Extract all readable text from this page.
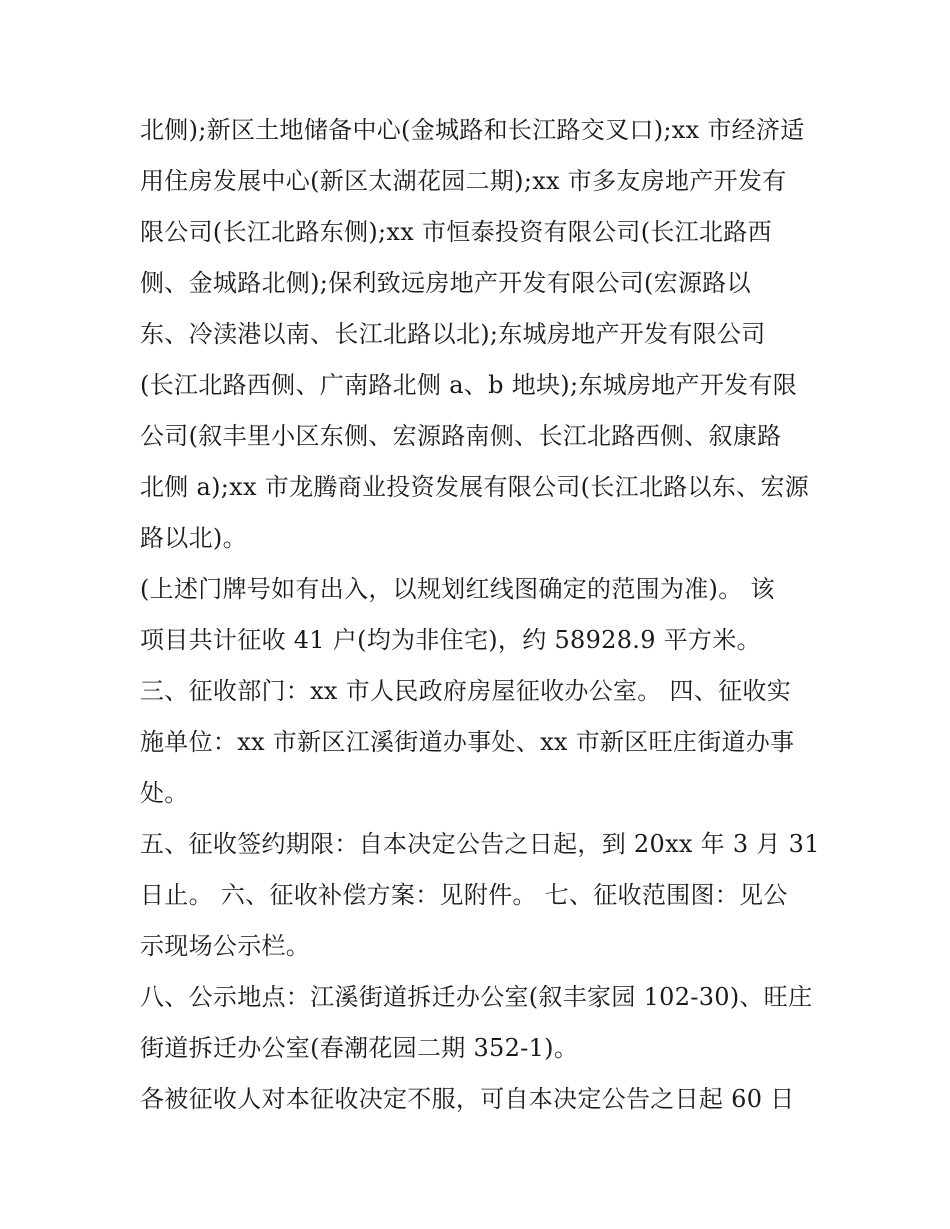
北侧);新区土地储备中心(金城路和长江路交叉口);xx 市经济适
用住房发展中心(新区太湖花园二期);xx 市多友房地产开发有
限公司(长江北路东侧);xx 市恒泰投资有限公司(长江北路西
侧、金城路北侧);保利致远房地产开发有限公司(宏源路以
东、冷渎港以南、长江北路以北);东城房地产开发有限公司
(长江北路西侧、广南路北侧 a、b 地块);东城房地产开发有限
公司(叙丰里小区东侧、宏源路南侧、长江北路西侧、叙康路
北侧 a);xx 市龙腾商业投资发展有限公司(长江北路以东、宏源
路以北)。
(上述门牌号如有出入，以规划红线图确定的范围为准)。 该
项目共计征收 41 户(均为非住宅)，约 58928.9 平方米。
三、征收部门：xx 市人民政府房屋征收办公室。 四、征收实
施单位：xx 市新区江溪街道办事处、xx 市新区旺庄街道办事
处。
五、征收签约期限：自本决定公告之日起，到 20xx 年 3 月 31
日止。 六、征收补偿方案：见附件。 七、征收范围图：见公
示现场公示栏。
八、公示地点：江溪街道拆迁办公室(叙丰家园 102-30)、旺庄
街道拆迁办公室(春潮花园二期 352-1)。
各被征收人对本征收决定不服，可自本决定公告之日起 60 日
